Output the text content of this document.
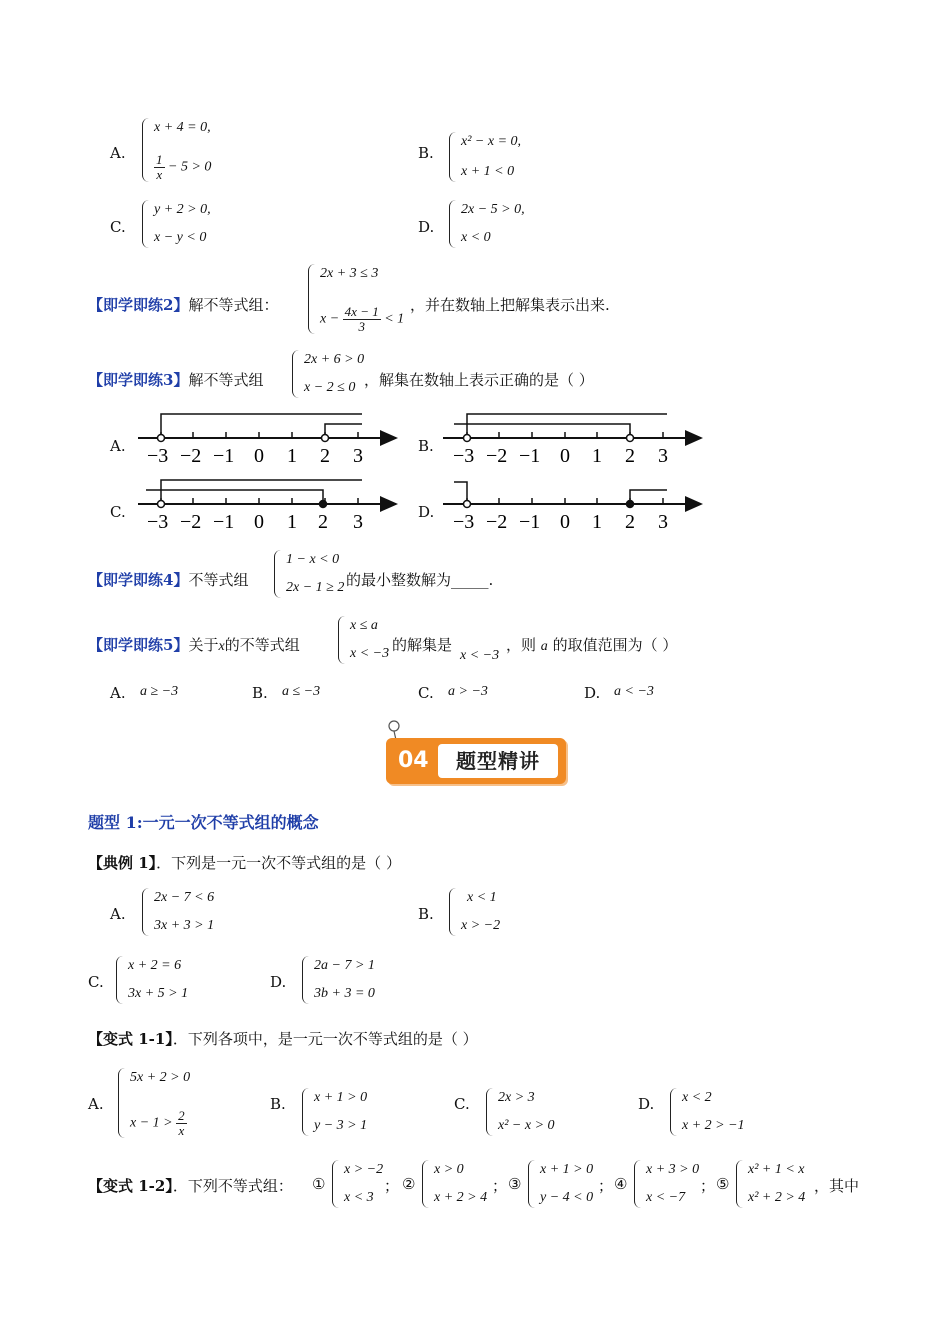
A.
x + 4 = 0,
$\frac{1}{x} - 5 > 0$
B.
x² − x = 0,
x + 1 < 0
C.
y + 2 > 0,
x − y < 0
D.
2x − 5 > 0,
x < 0
【即学即练2】解不等式组：
2x + 3 ≤ 3
$x - \frac{4x - 1}{3} < 1$
，并在数轴上把解集表示出来.
【即学即练3】解不等式组
2x + 6 > 0
x − 2 ≤ 0 ，解集在数轴上表示正确的是（ ）
A.	B.
C.	D.
−3 −2 −1 0 1 2 3	−3 −2 −1 0 1 2 3
−3 −2 −1 0 1 2 3	−3 −2 −1 0 1 2 3
【即学即练4】不等式组
1 − x < 0
2x − 1 ≥ 2 的最小整数解为_____.
【即学即练5】关于x的不等式组
x ≤ a
x < −3 的解集是
x < −3
，则 a 的取值范围为（ ）
A. a ≥ −3	B. a ≤ −3	C. a > −3	D. a < −3
04	题型精讲
题型 1:一元一次不等式组的概念
【典例 1】．下列是一元一次不等式组的是（ ）
A.
2x − 7 < 6
3x + 3 > 1
B.
x < 1
x > −2
C.
x + 2 = 6
3x + 5 > 1
D.
2a − 7 > 1
3b + 3 = 0
【变式 1-1】．下列各项中，是一元一次不等式组的是（ ）
A.
5x + 2 > 0
$x - 1 > \frac{2}{x}$
B. x + 1 > 0
y − 3 > 1
C. 2x > 3
x² − x > 0
D. x < 2
x + 2 > −1
【变式 1-2】．下列不等式组： ①
x > −2
x < 3
； ②
x > 0
x + 2 > 4
； ③
x + 1 > 0
y − 4 < 0
； ④
x + 3 > 0
x < −7
； ⑤
x² + 1 < x
x² + 2 > 4
，其中
